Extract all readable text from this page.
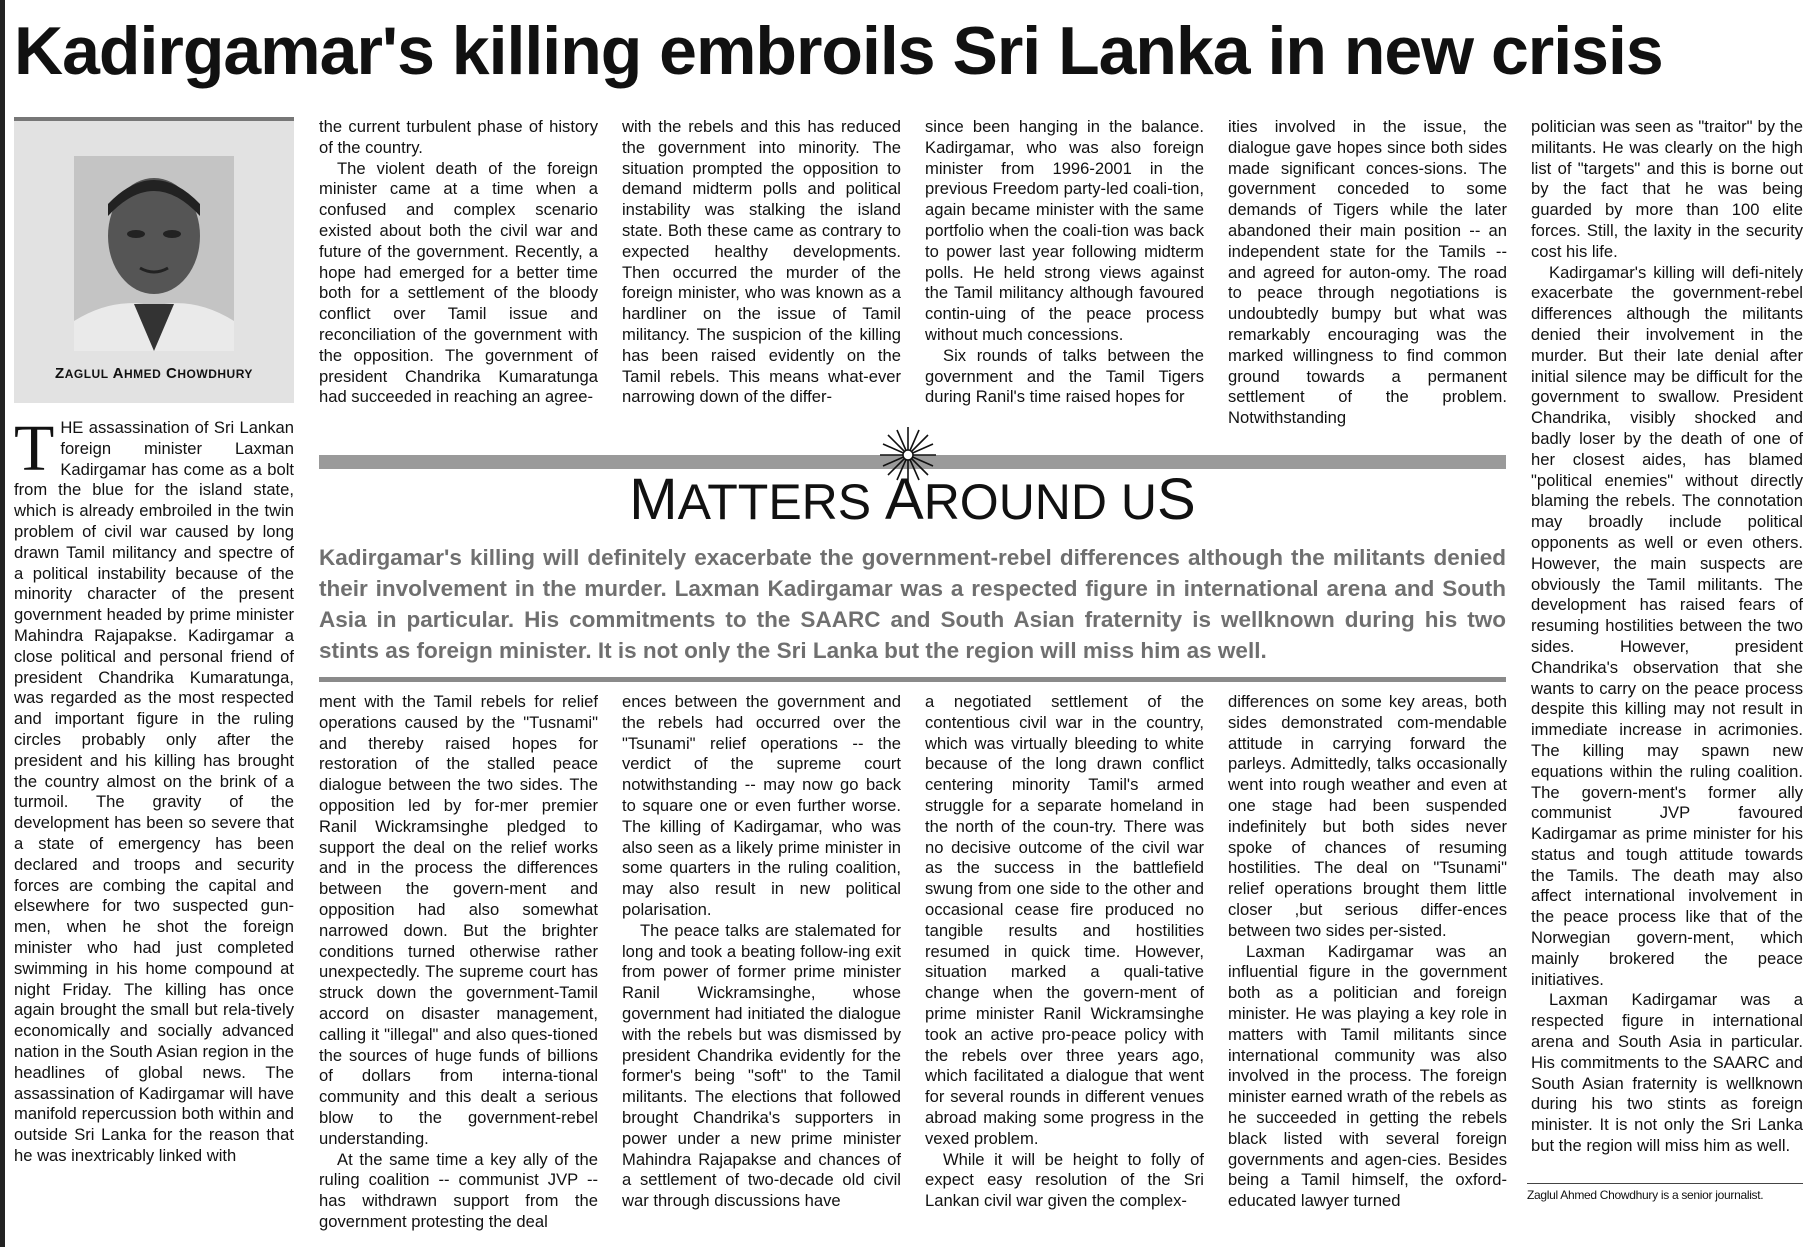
Kadirgamar's killing embroils Sri Lanka in new crisis
ZAGLUL AHMED CHOWDHURY

THE assassination of Sri Lankan foreign minister Laxman Kadirgamar has come as a bolt from the blue for the island state, which is already embroiled in the twin problem of civil war caused by long drawn Tamil militancy and spectre of a political instability because of the minority character of the present government headed by prime minister Mahindra Rajapakse. Kadirgamar a close political and personal friend of president Chandrika Kumaratunga, was regarded as the most respected and important figure in the ruling circles probably only after the president and his killing has brought the country almost on the brink of a turmoil. The gravity of the development has been so severe that a state of emergency has been declared and troops and security forces are combing the capital and elsewhere for two suspected gun-men, when he shot the foreign minister who had just completed swimming in his home compound at night Friday. The killing has once again brought the small but rela-tively economically and socially advanced nation in the South Asian region in the headlines of global news. The assassination of Kadirgamar will have manifold repercussion both within and outside Sri Lanka for the reason that he was inextricably linked with

the current turbulent phase of history of the country.

The violent death of the foreign minister came at a time when a confused and complex scenario existed about both the civil war and future of the government. Recently, a hope had emerged for a better time both for a settlement of the bloody conflict over Tamil issue and reconciliation of the government with the opposition. The government of president Chandrika Kumaratunga had succeeded in reaching an agree-

with the rebels and this has reduced the government into minority. The situation prompted the opposition to demand midterm polls and political instability was stalking the island state. Both these came as contrary to expected healthy developments. Then occurred the murder of the foreign minister, who was known as a hardliner on the issue of Tamil militancy. The suspicion of the killing has been raised evidently on the Tamil rebels. This means what-ever narrowing down of the differ-

since been hanging in the balance. Kadirgamar, who was also foreign minister from 1996-2001 in the previous Freedom party-led coali-tion, again became minister with the same portfolio when the coali-tion was back to power last year following midterm polls. He held strong views against the Tamil militancy although favoured contin-uing of the peace process without much concessions.

Six rounds of talks between the government and the Tamil Tigers during Ranil's time raised hopes for

ities involved in the issue, the dialogue gave hopes since both sides made significant conces-sions. The government conceded to some demands of Tigers while the later abandoned their main position -- an independent state for the Tamils -- and agreed for auton-omy. The road to peace through negotiations is undoubtedly bumpy but what was remarkably encouraging was the marked willingness to find common ground towards a permanent settlement of the problem. Notwithstanding

politician was seen as "traitor" by the militants. He was clearly on the high list of "targets" and this is borne out by the fact that he was being guarded by more than 100 elite forces. Still, the laxity in the security cost his life.

Kadirgamar's killing will defi-nitely exacerbate the government-rebel differences although the militants denied their involvement in the murder. But their late denial after initial silence may be difficult for the government to swallow. President Chandrika, visibly shocked and badly loser by the death of one of her closest aides, has blamed "political enemies" without directly blaming the rebels. The connotation may broadly include political opponents as well or even others. However, the main suspects are obviously the Tamil militants. The development has raised fears of resuming hostilities between the two sides. However, president Chandrika's observation that she wants to carry on the peace process despite this killing may not result in immediate increase in acrimonies. The killing may spawn new equations within the ruling coalition. The govern-ment's former ally communist JVP favoured Kadirgamar as prime minister for his status and tough attitude towards the Tamils. The death may also affect international involvement in the peace process like that of the Norwegian govern-ment, which mainly brokered the peace initiatives.

Laxman Kadirgamar was a respected figure in international arena and South Asia in particular. His commitments to the SAARC and South Asian fraternity is wellknown during his two stints as foreign minister. It is not only the Sri Lanka but the region will miss him as well.

MATTERS AROUND US
Kadirgamar's killing will definitely exacerbate the government-rebel differences although the militants denied their involvement in the murder. Laxman Kadirgamar was a respected figure in international arena and South Asia in particular. His commitments to the SAARC and South Asian fraternity is wellknown during his two stints as foreign minister. It is not only the Sri Lanka but the region will miss him as well.

ment with the Tamil rebels for relief operations caused by the "Tusnami" and thereby raised hopes for restoration of the stalled peace dialogue between the two sides. The opposition led by for-mer premier Ranil Wickramsinghe pledged to support the deal on the relief works and in the process the differences between the govern-ment and opposition had also somewhat narrowed down. But the brighter conditions turned otherwise rather unexpectedly. The supreme court has struck down the government-Tamil accord on disaster management, calling it "illegal" and also ques-tioned the sources of huge funds of billions of dollars from interna-tional community and this dealt a serious blow to the government-rebel understanding.

At the same time a key ally of the ruling coalition -- communist JVP -- has withdrawn support from the government protesting the deal

ences between the government and the rebels had occurred over the "Tsunami" relief operations -- the verdict of the supreme court notwithstanding -- may now go back to square one or even further worse. The killing of Kadirgamar, who was also seen as a likely prime minister in some quarters in the ruling coalition, may also result in new political polarisation.

The peace talks are stalemated for long and took a beating follow-ing exit from power of former prime minister Ranil Wickramsinghe, whose government had initiated the dialogue with the rebels but was dismissed by president Chandrika evidently for the former's being "soft" to the Tamil militants. The elections that followed brought Chandrika's supporters in power under a new prime minister Mahindra Rajapakse and chances of a settlement of two-decade old civil war through discussions have

a negotiated settlement of the contentious civil war in the country, which was virtually bleeding to white because of the long drawn conflict centering minority Tamil's armed struggle for a separate homeland in the north of the coun-try. There was no decisive outcome of the civil war as the success in the battlefield swung from one side to the other and occasional cease fire produced no tangible results and hostilities resumed in quick time. However, situation marked a quali-tative change when the govern-ment of prime minister Ranil Wickramsinghe took an active pro-peace policy with the rebels over three years ago, which facilitated a dialogue that went for several rounds in different venues abroad making some progress in the vexed problem.

While it will be height to folly of expect easy resolution of the Sri Lankan civil war given the complex-

differences on some key areas, both sides demonstrated com-mendable attitude in carrying forward the parleys. Admittedly, talks occasionally went into rough weather and even at one stage had been suspended indefinitely but both sides never spoke of chances of resuming hostilities. The deal on "Tsunami" relief operations brought them little closer ,but serious differ-ences between two sides per-sisted.

Laxman Kadirgamar was an influential figure in the government both as a politician and foreign minister. He was playing a key role in matters with Tamil militants since international community was also involved in the process. The foreign minister earned wrath of the rebels as he succeeded in getting the rebels black listed with several foreign governments and agen-cies. Besides being a Tamil himself, the oxford-educated lawyer turned	Zaglul Ahmed Chowdhury is a senior journalist.
